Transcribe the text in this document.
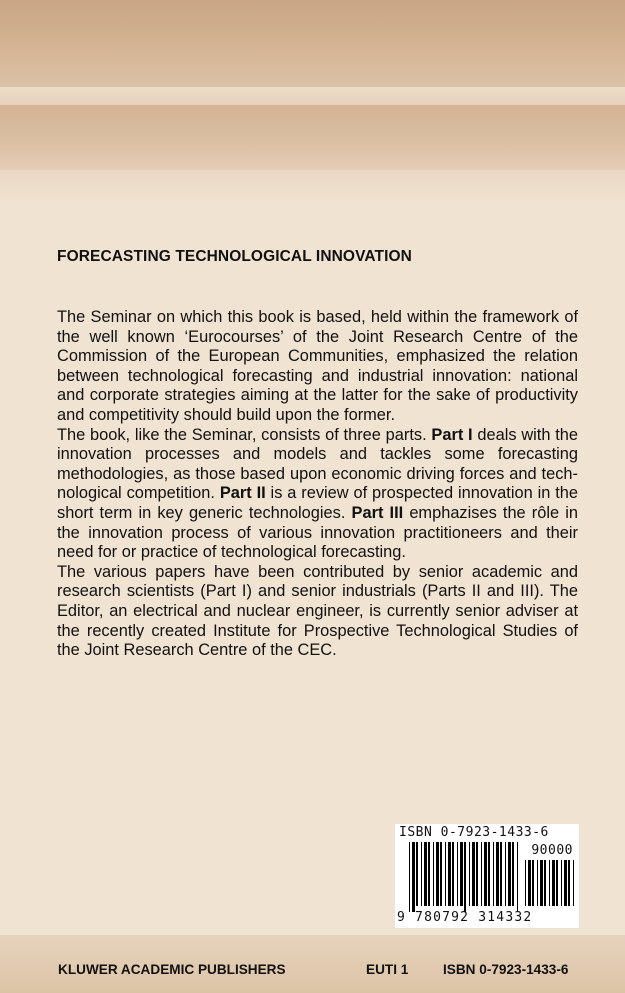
FORECASTING TECHNOLOGICAL INNOVATION

The Seminar on which this book is based, held within the framework of the well known ‘Eurocourses’ of the Joint Research Centre of the Commission of the European Communities, emphasized the relation between technological forecasting and industrial innovation: national and corporate strategies aiming at the latter for the sake of productivity and competitivity should build upon the former.

The book, like the Seminar, consists of three parts. Part I deals with the innovation processes and models and tackles some forecasting methodologies, as those based upon economic driving forces and technological competition. Part II is a review of prospected innovation in the short term in key generic technologies. Part III emphazises the rôle in the innovation process of various innovation practitioneers and their need for or practice of technological forecasting.

The various papers have been contributed by senior academic and research scientists (Part I) and senior industrials (Parts II and III). The Editor, an electrical and nuclear engineer, is currently senior adviser at the recently created Institute for Prospective Technological Studies of the Joint Research Centre of the CEC.

ISBN 0-7923-1433-6
90000
9 780792 314332
KLUWER ACADEMIC PUBLISHERS	EUTI 1	ISBN 0-7923-1433-6
